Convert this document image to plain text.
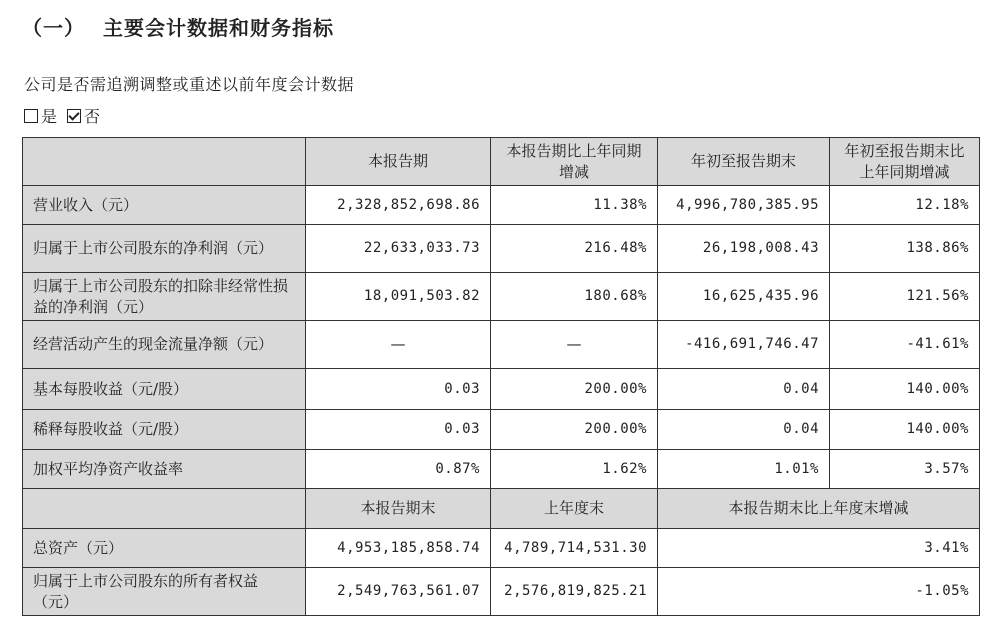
（一） 主要会计数据和财务指标
公司是否需追溯调整或重述以前年度会计数据
是 否
	本报告期	本报告期比上年同期增减	年初至报告期末	年初至报告期末比上年同期增减
营业收入（元）	2,328,852,698.86	11.38%	4,996,780,385.95	12.18%
归属于上市公司股东的净利润（元）	22,633,033.73	216.48%	26,198,008.43	138.86%
归属于上市公司股东的扣除非经常性损益的净利润（元）	18,091,503.82	180.68%	16,625,435.96	121.56%
经营活动产生的现金流量净额（元）	—	—	-416,691,746.47	-41.61%
基本每股收益（元/股）	0.03	200.00%	0.04	140.00%
稀释每股收益（元/股）	0.03	200.00%	0.04	140.00%
加权平均净资产收益率	0.87%	1.62%	1.01%	3.57%
	本报告期末	上年度末	本报告期末比上年度末增减	
总资产（元）	4,953,185,858.74	4,789,714,531.30	3.41%	
归属于上市公司股东的所有者权益（元）	2,549,763,561.07	2,576,819,825.21	-1.05%	
